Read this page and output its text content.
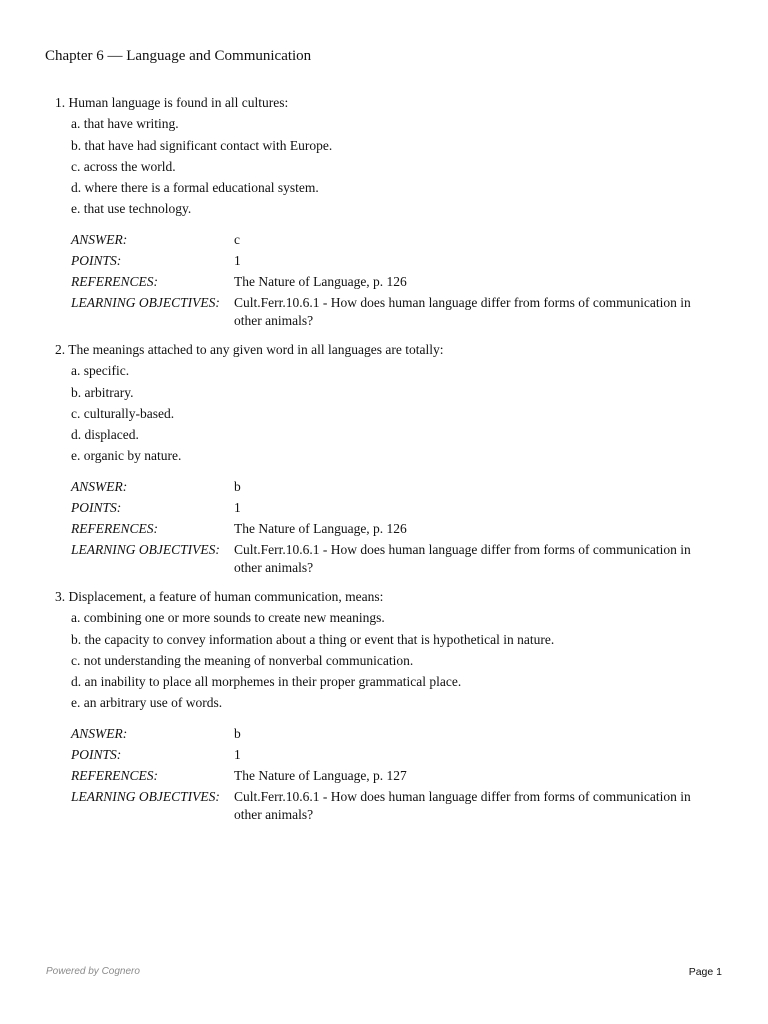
Chapter 6 — Language and Communication

1. Human language is found in all cultures:

a. that have writing.

b. that have had significant contact with Europe.

c. across the world.

d. where there is a formal educational system.

e. that use technology.

ANSWER:	c
POINTS:	1
REFERENCES:	The Nature of Language, p. 126
LEARNING OBJECTIVES:	Cult.Ferr.10.6.1 - How does human language differ from forms of communication in other animals?

2. The meanings attached to any given word in all languages are totally:

a. specific.

b. arbitrary.

c. culturally-based.

d. displaced.

e. organic by nature.

ANSWER:	b
POINTS:	1
REFERENCES:	The Nature of Language, p. 126
LEARNING OBJECTIVES:	Cult.Ferr.10.6.1 - How does human language differ from forms of communication in other animals?

3. Displacement, a feature of human communication, means:

a. combining one or more sounds to create new meanings.

b. the capacity to convey information about a thing or event that is hypothetical in nature.

c. not understanding the meaning of nonverbal communication.

d. an inability to place all morphemes in their proper grammatical place.

e. an arbitrary use of words.

ANSWER:	b
POINTS:	1
REFERENCES:	The Nature of Language, p. 127
LEARNING OBJECTIVES:	Cult.Ferr.10.6.1 - How does human language differ from forms of communication in other animals?
Powered by Cognero	Page 1
